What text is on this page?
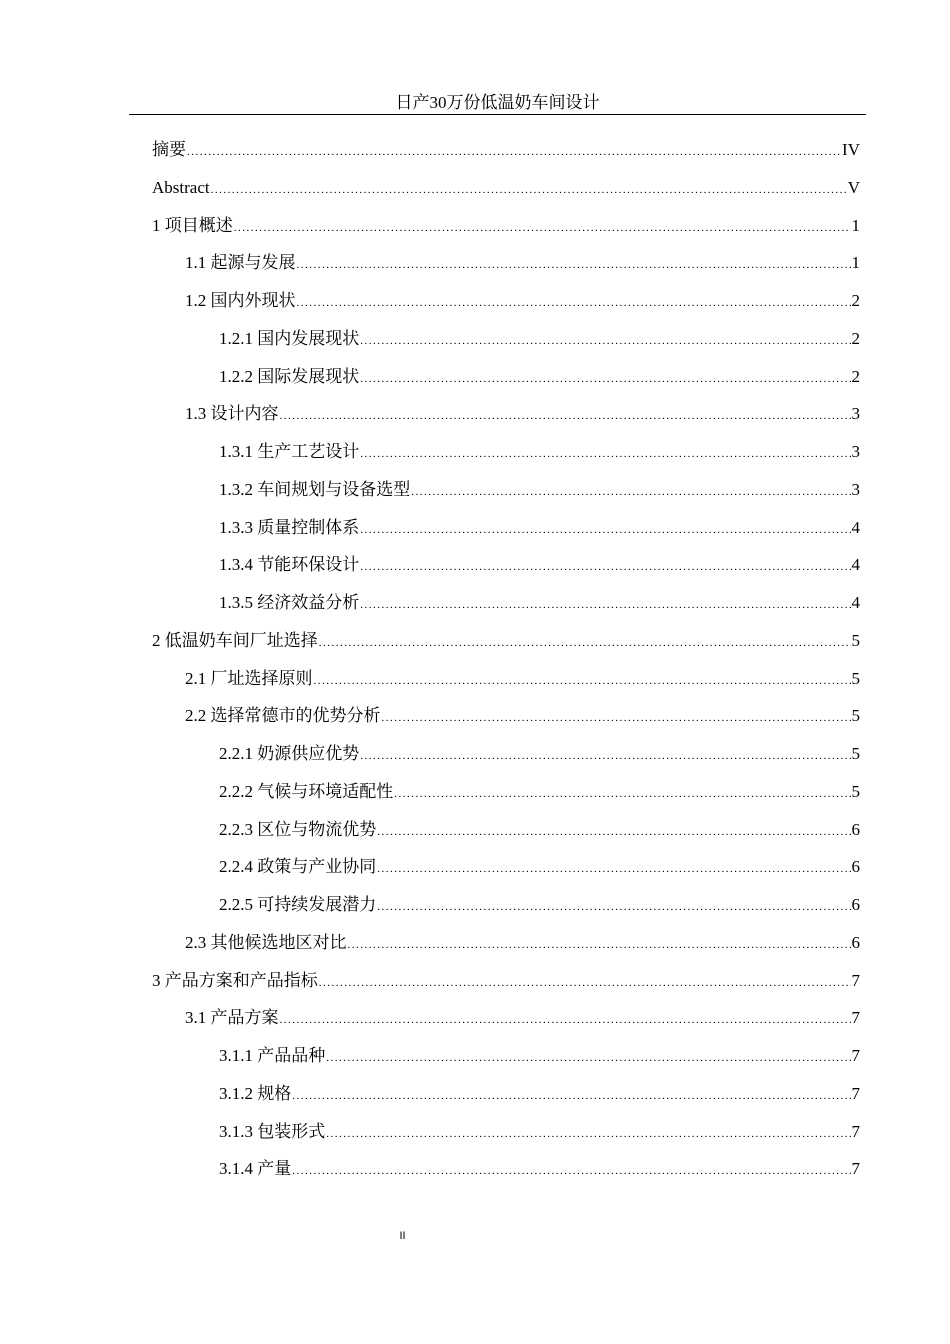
日产30万份低温奶车间设计
摘要 .....	IV
Abstract .....	V
1 项目概述 .....	1
1.1 起源与发展 .....	1
1.2 国内外现状 .....	2
1.2.1 国内发展现状 .....	2
1.2.2 国际发展现状 .....	2
1.3 设计内容 .....	3
1.3.1 生产工艺设计 .....	3
1.3.2 车间规划与设备选型 .....	3
1.3.3 质量控制体系 .....	4
1.3.4 节能环保设计 .....	4
1.3.5 经济效益分析 .....	4
2 低温奶车间厂址选择 .....	5
2.1 厂址选择原则 .....	5
2.2 选择常德市的优势分析 .....	5
2.2.1 奶源供应优势 .....	5
2.2.2 气候与环境适配性 .....	5
2.2.3 区位与物流优势 .....	6
2.2.4 政策与产业协同 .....	6
2.2.5 可持续发展潜力 .....	6
2.3 其他候选地区对比 .....	6
3 产品方案和产品指标 .....	7
3.1 产品方案 .....	7
3.1.1 产品品种 .....	7
3.1.2 规格 .....	7
3.1.3 包装形式 .....	7
3.1.4 产量 .....	7
II
